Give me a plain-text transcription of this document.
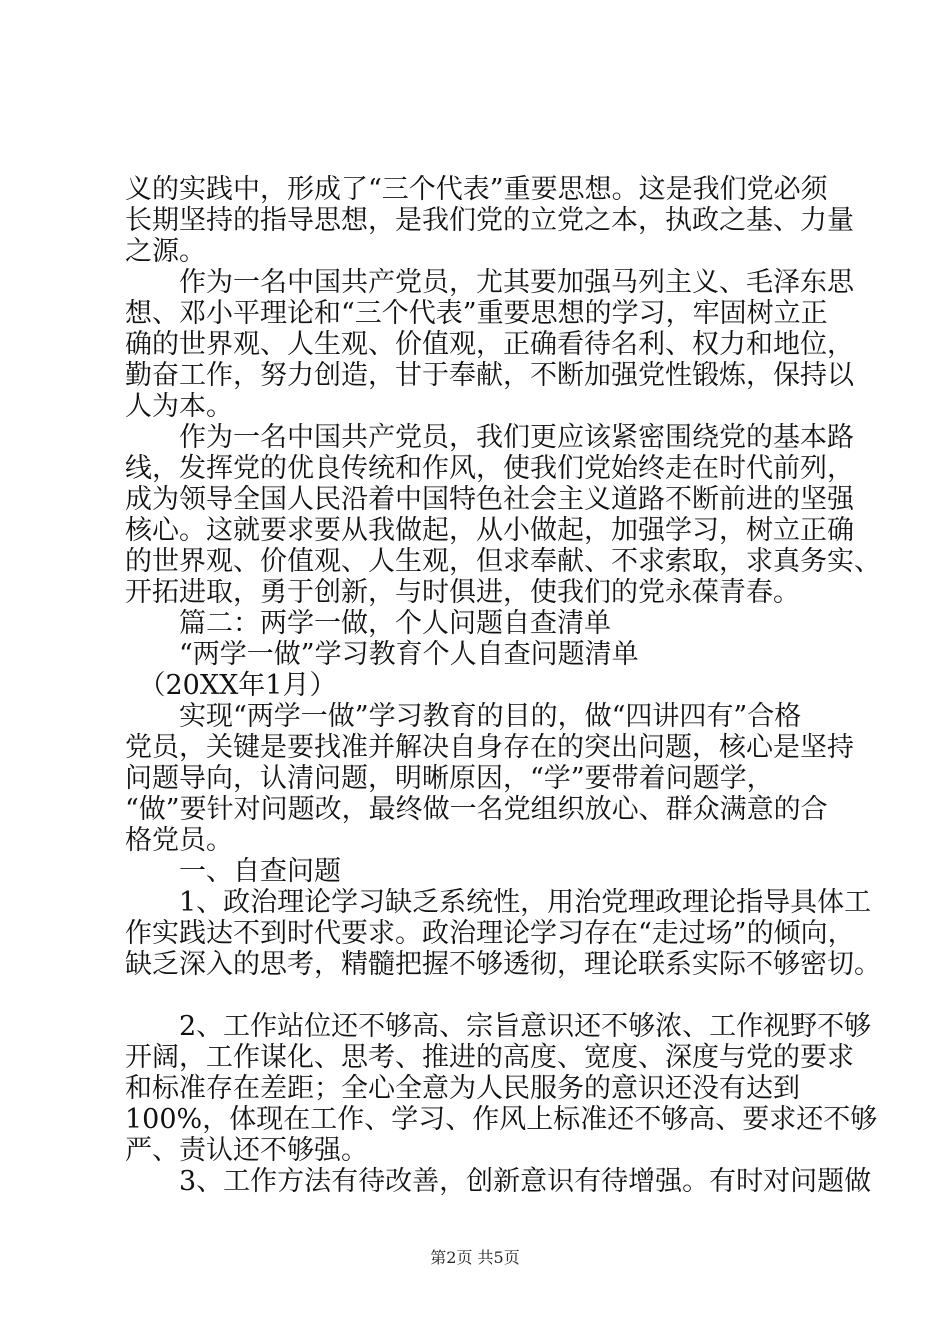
义的实践中，形成了“三个代表”重要思想。这是我们党必须
长期坚持的指导思想，是我们党的立党之本，执政之基、力量
之源。
　　作为一名中国共产党员，尤其要加强马列主义、毛泽东思
想、邓小平理论和“三个代表”重要思想的学习，牢固树立正
确的世界观、人生观、价值观，正确看待名利、权力和地位，
勤奋工作，努力创造，甘于奉献，不断加强党性锻炼，保持以
人为本。
　　作为一名中国共产党员，我们更应该紧密围绕党的基本路
线，发挥党的优良传统和作风，使我们党始终走在时代前列，
成为领导全国人民沿着中国特色社会主义道路不断前进的坚强
核心。这就要求要从我做起，从小做起，加强学习，树立正确
的世界观、价值观、人生观，但求奉献、不求索取，求真务实、
开拓进取，勇于创新，与时俱进，使我们的党永葆青春。
　　篇二：两学一做，个人问题自查清单
　　“两学一做”学习教育个人自查问题清单
　（20XX年1月）
　　实现“两学一做”学习教育的目的，做“四讲四有”合格
党员，关键是要找准并解决自身存在的突出问题，核心是坚持
问题导向，认清问题，明晰原因，“学”要带着问题学，
“做”要针对问题改，最终做一名党组织放心、群众满意的合
格党员。
　　一、自查问题
　　1、政治理论学习缺乏系统性，用治党理政理论指导具体工
作实践达不到时代要求。政治理论学习存在“走过场”的倾向，
缺乏深入的思考，精髓把握不够透彻，理论联系实际不够密切。
　　2、工作站位还不够高、宗旨意识还不够浓、工作视野不够
开阔，工作谋化、思考、推进的高度、宽度、深度与党的要求
和标准存在差距；全心全意为人民服务的意识还没有达到
100%，体现在工作、学习、作风上标准还不够高、要求还不够
严、责认还不够强。
　　3、工作方法有待改善，创新意识有待增强。有时对问题做
第2页 共5页
